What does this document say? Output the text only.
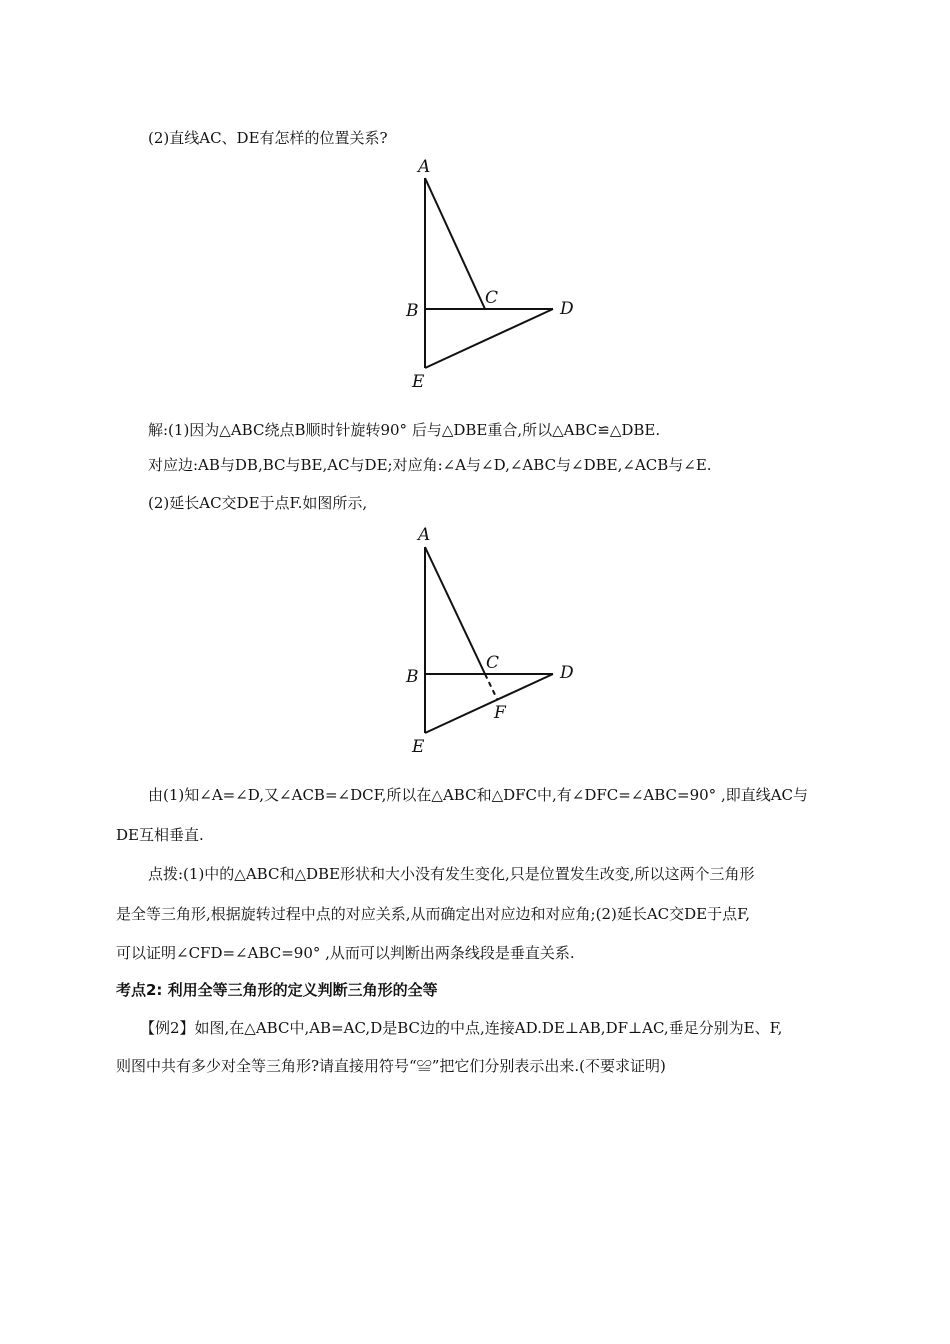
(2)直线AC、DE有怎样的位置关系?
A
B
C
D
E
解:(1)因为△ABC绕点B顺时针旋转90° 后与△DBE重合,所以△ABC≌△DBE.
对应边:AB与DB,BC与BE,AC与DE;对应角:∠A与∠D,∠ABC与∠DBE,∠ACB与∠E.
(2)延长AC交DE于点F.如图所示,
A
B
C	D
F
E
由(1)知∠A=∠D,又∠ACB=∠DCF,所以在△ABC和△DFC中,有∠DFC=∠ABC=90° ,即直线AC与
DE互相垂直.
点拨:(1)中的△ABC和△DBE形状和大小没有发生变化,只是位置发生改变,所以这两个三角形
是全等三角形,根据旋转过程中点的对应关系,从而确定出对应边和对应角;(2)延长AC交DE于点F,
可以证明∠CFD=∠ABC=90° ,从而可以判断出两条线段是垂直关系.
考点2: 利用全等三角形的定义判断三角形的全等
【例2】如图,在△ABC中,AB=AC,D是BC边的中点,连接AD.DE⊥AB,DF⊥AC,垂足分别为E、F,
则图中共有多少对全等三角形?请直接用符号“≌”把它们分别表示出来.(不要求证明)
